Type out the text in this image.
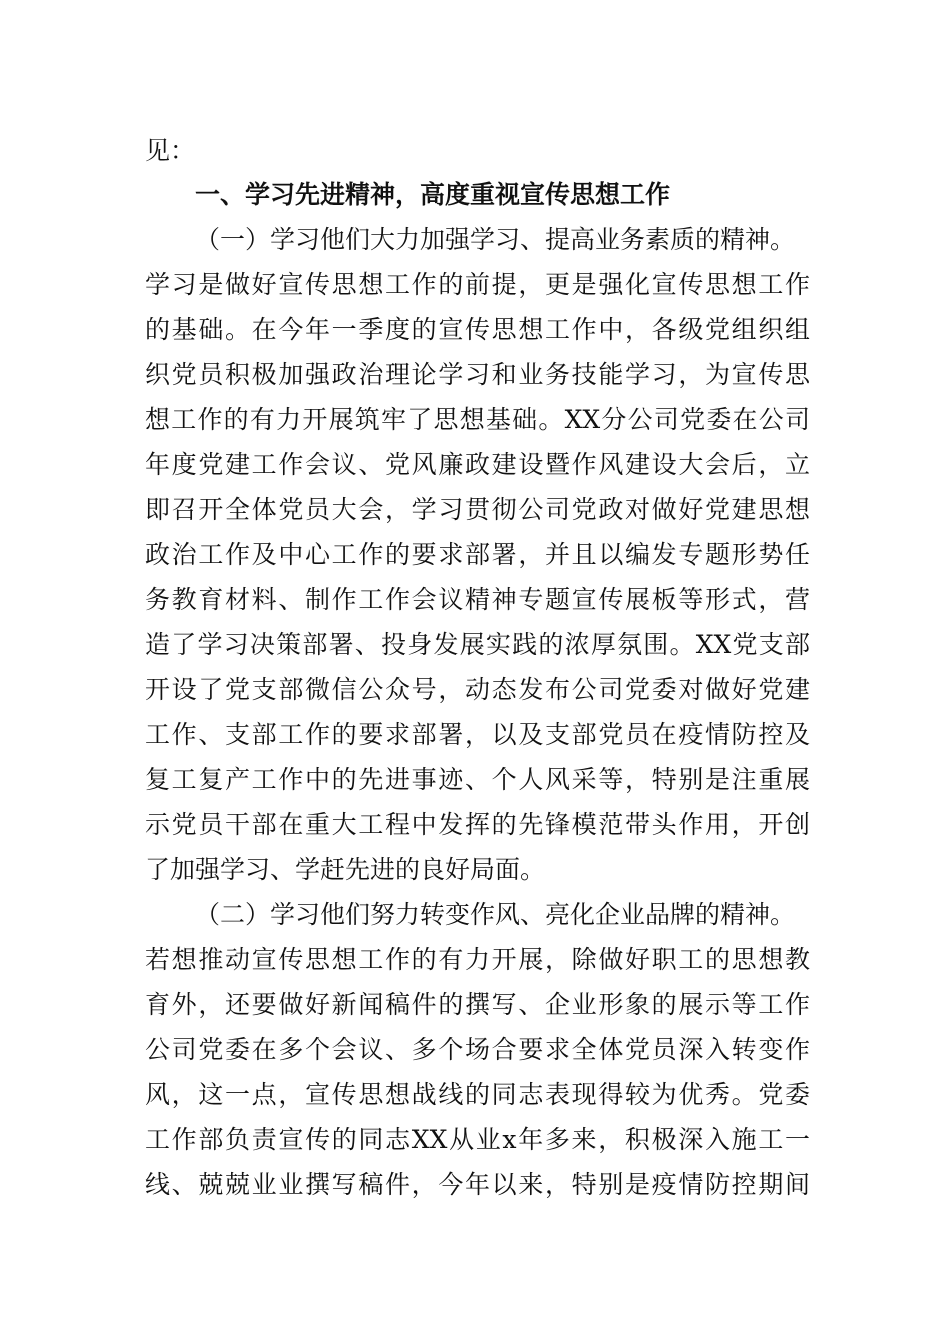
见：
一、学习先进精神，高度重视宣传思想工作
（一）学习他们大力加强学习、提高业务素质的精神。
学习是做好宣传思想工作的前提，更是强化宣传思想工作
的基础。在今年一季度的宣传思想工作中，各级党组织组
织党员积极加强政治理论学习和业务技能学习，为宣传思
想工作的有力开展筑牢了思想基础。XX分公司党委在公司
年度党建工作会议、党风廉政建设暨作风建设大会后，立
即召开全体党员大会，学习贯彻公司党政对做好党建思想
政治工作及中心工作的要求部署，并且以编发专题形势任
务教育材料、制作工作会议精神专题宣传展板等形式，营
造了学习决策部署、投身发展实践的浓厚氛围。XX党支部
开设了党支部微信公众号，动态发布公司党委对做好党建
工作、支部工作的要求部署，以及支部党员在疫情防控及
复工复产工作中的先进事迹、个人风采等，特别是注重展
示党员干部在重大工程中发挥的先锋模范带头作用，开创
了加强学习、学赶先进的良好局面。
（二）学习他们努力转变作风、亮化企业品牌的精神。
若想推动宣传思想工作的有力开展，除做好职工的思想教
育外，还要做好新闻稿件的撰写、企业形象的展示等工作
公司党委在多个会议、多个场合要求全体党员深入转变作
风，这一点，宣传思想战线的同志表现得较为优秀。党委
工作部负责宣传的同志XX从业x年多来，积极深入施工一
线、兢兢业业撰写稿件，今年以来，特别是疫情防控期间
